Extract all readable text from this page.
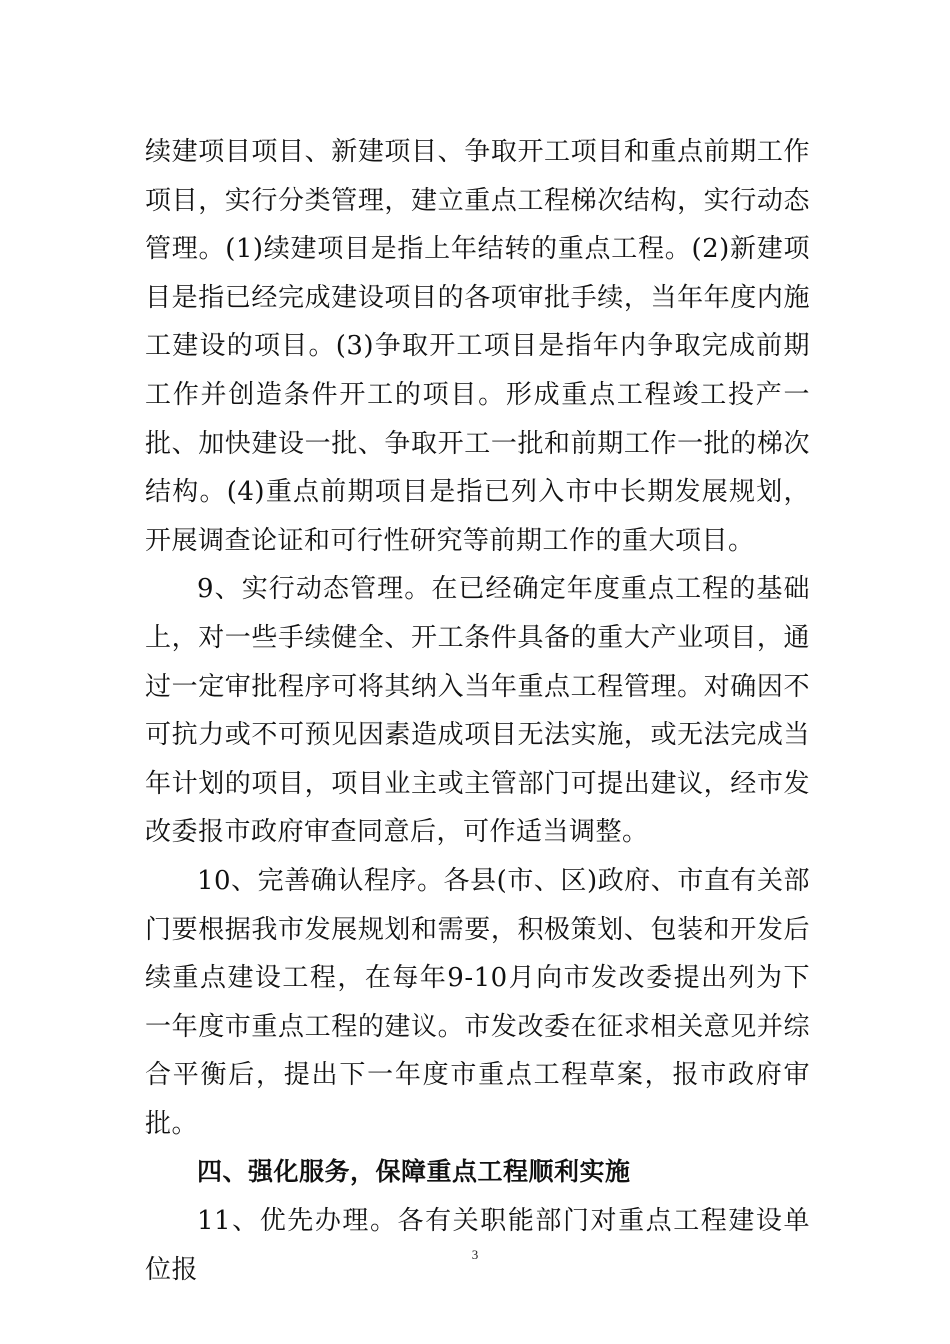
续建项目项目、新建项目、争取开工项目和重点前期工作项目，实行分类管理，建立重点工程梯次结构，实行动态管理。(1)续建项目是指上年结转的重点工程。(2)新建项目是指已经完成建设项目的各项审批手续，当年年度内施工建设的项目。(3)争取开工项目是指年内争取完成前期工作并创造条件开工的项目。形成重点工程竣工投产一批、加快建设一批、争取开工一批和前期工作一批的梯次结构。(4)重点前期项目是指已列入市中长期发展规划，开展调查论证和可行性研究等前期工作的重大项目。

9、实行动态管理。在已经确定年度重点工程的基础上，对一些手续健全、开工条件具备的重大产业项目，通过一定审批程序可将其纳入当年重点工程管理。对确因不可抗力或不可预见因素造成项目无法实施，或无法完成当年计划的项目，项目业主或主管部门可提出建议，经市发改委报市政府审查同意后，可作适当调整。

10、完善确认程序。各县(市、区)政府、市直有关部门要根据我市发展规划和需要，积极策划、包装和开发后续重点建设工程，在每年9-10月向市发改委提出列为下一年度市重点工程的建议。市发改委在征求相关意见并综合平衡后，提出下一年度市重点工程草案，报市政府审批。

四、强化服务，保障重点工程顺利实施

11、优先办理。各有关职能部门对重点工程建设单位报

3
